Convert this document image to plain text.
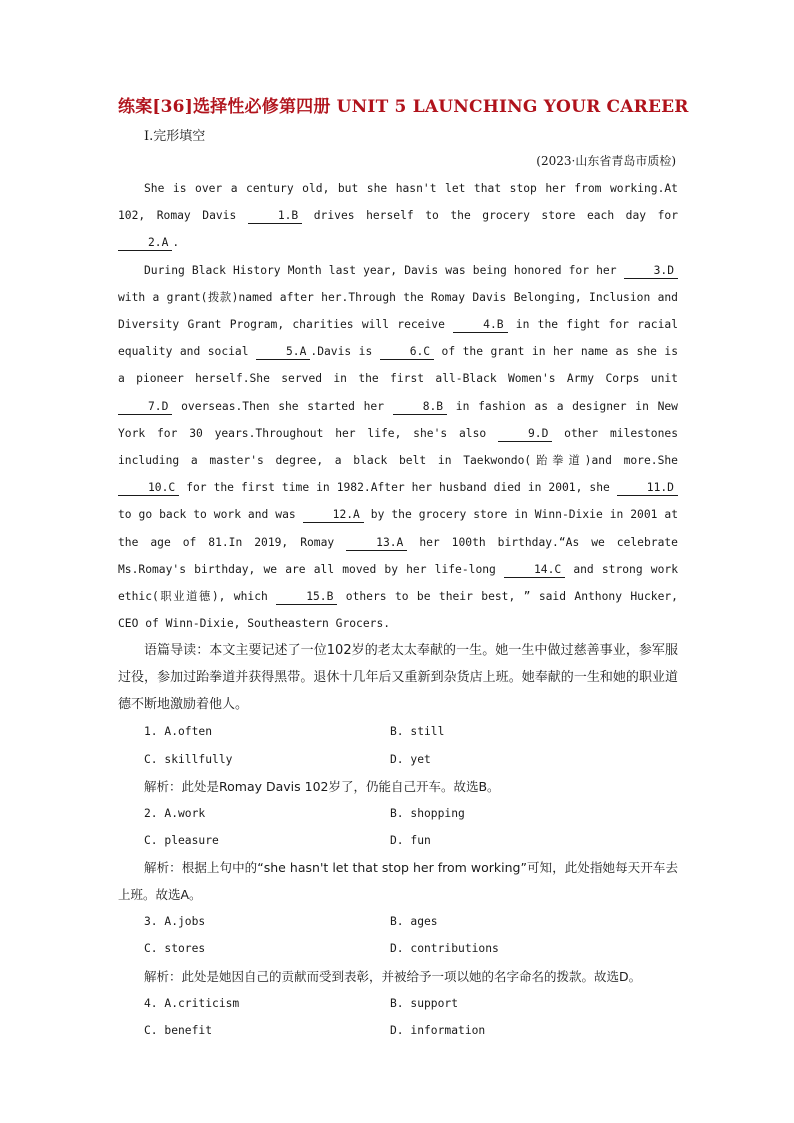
练案[36]选择性必修第四册 UNIT 5 LAUNCHING YOUR CAREER
Ⅰ.完形填空
(2023·山东省青岛市质检)

She is over a century old, but she hasn't let that stop her from working.At 102, Romay Davis	1.B drives herself to the grocery store each day for 2.A .

During Black History Month last year, Davis was being honored for her	3.D with a grant(拨款)named after her.Through the Romay Davis Belonging, Inclusion and Diversity Grant Program, charities will receive	4.B in the fight for racial equality and social	5.A .Davis is	6.C of the grant in her name as she is a pioneer herself.She served in the first all-Black Women's Army Corps unit 7.D overseas.Then she started her	8.B in fashion as a designer in New York for 30 years.Throughout her life, she's also	9.D other milestones including a master's degree, a black belt in Taekwondo(跆拳道)and more.She 10.C for the first time in 1982.After her husband died in 2001, she	11.D to go back to work and was	12.A by the grocery store in Winn-Dixie in 2001 at the age of 81.In 2019, Romay	13.A her 100th birthday.“As we celebrate Ms.Romay's birthday, we are all moved by her life-long	14.C and strong work ethic(职业道德), which	15.B others to be their best, ” said Anthony Hucker, CEO of Winn-Dixie, Southeastern Grocers.

语篇导读：本文主要记述了一位102岁的老太太奉献的一生。她一生中做过慈善事业，参军服过役，参加过跆拳道并获得黑带。退休十几年后又重新到杂货店上班。她奉献的一生和她的职业道德不断地激励着他人。

1. A.often	B. still
C. skillfully	D. yet

解析：此处是Romay Davis 102岁了，仍能自己开车。故选B。

2. A.work	B. shopping
C. pleasure	D. fun

解析：根据上句中的“she hasn't let that stop her from working”可知，此处指她每天开车去上班。故选A。

3. A.jobs	B. ages
C. stores	D. contributions

解析：此处是她因自己的贡献而受到表彰，并被给予一项以她的名字命名的拨款。故选D。

4. A.criticism	B. support
C. benefit	D. information
